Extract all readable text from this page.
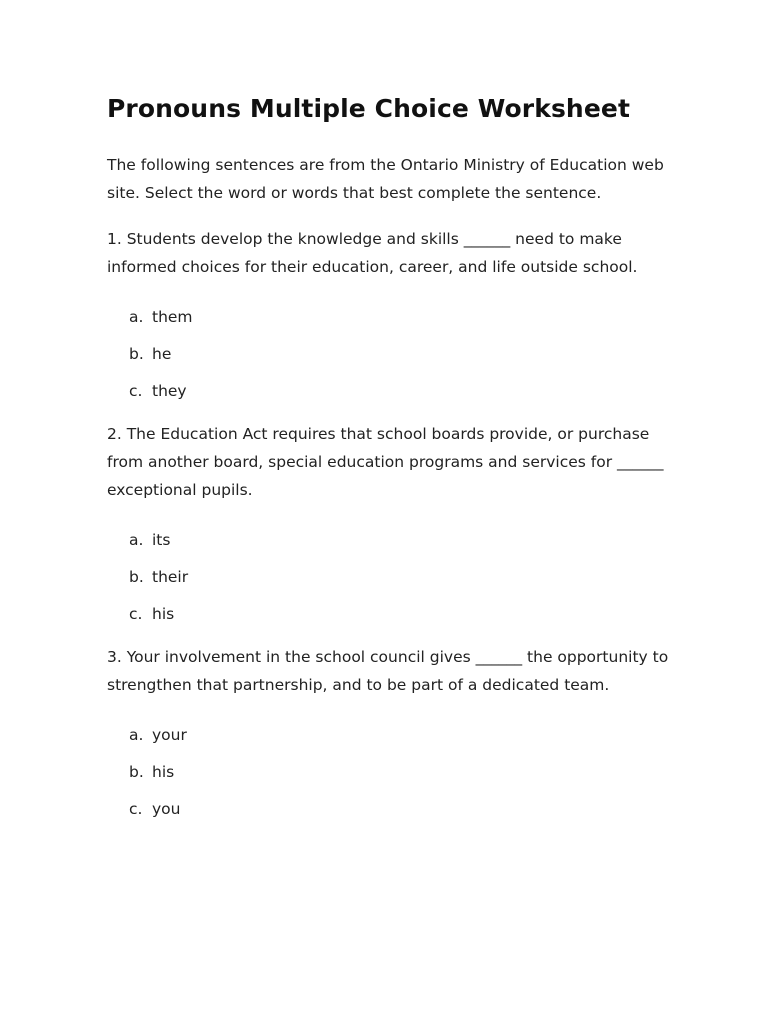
Pronouns Multiple Choice Worksheet

The following sentences are from the Ontario Ministry of Education web site. Select the word or words that best complete the sentence.

1. Students develop the knowledge and skills ______ need to make informed choices for their education, career, and life outside school.

a. them
b. he
c. they

2. The Education Act requires that school boards provide, or purchase from another board, special education programs and services for ______ exceptional pupils.

a. its
b. their
c. his

3. Your involvement in the school council gives ______ the opportunity to strengthen that partnership, and to be part of a dedicated team.

a. your
b. his
c. you
